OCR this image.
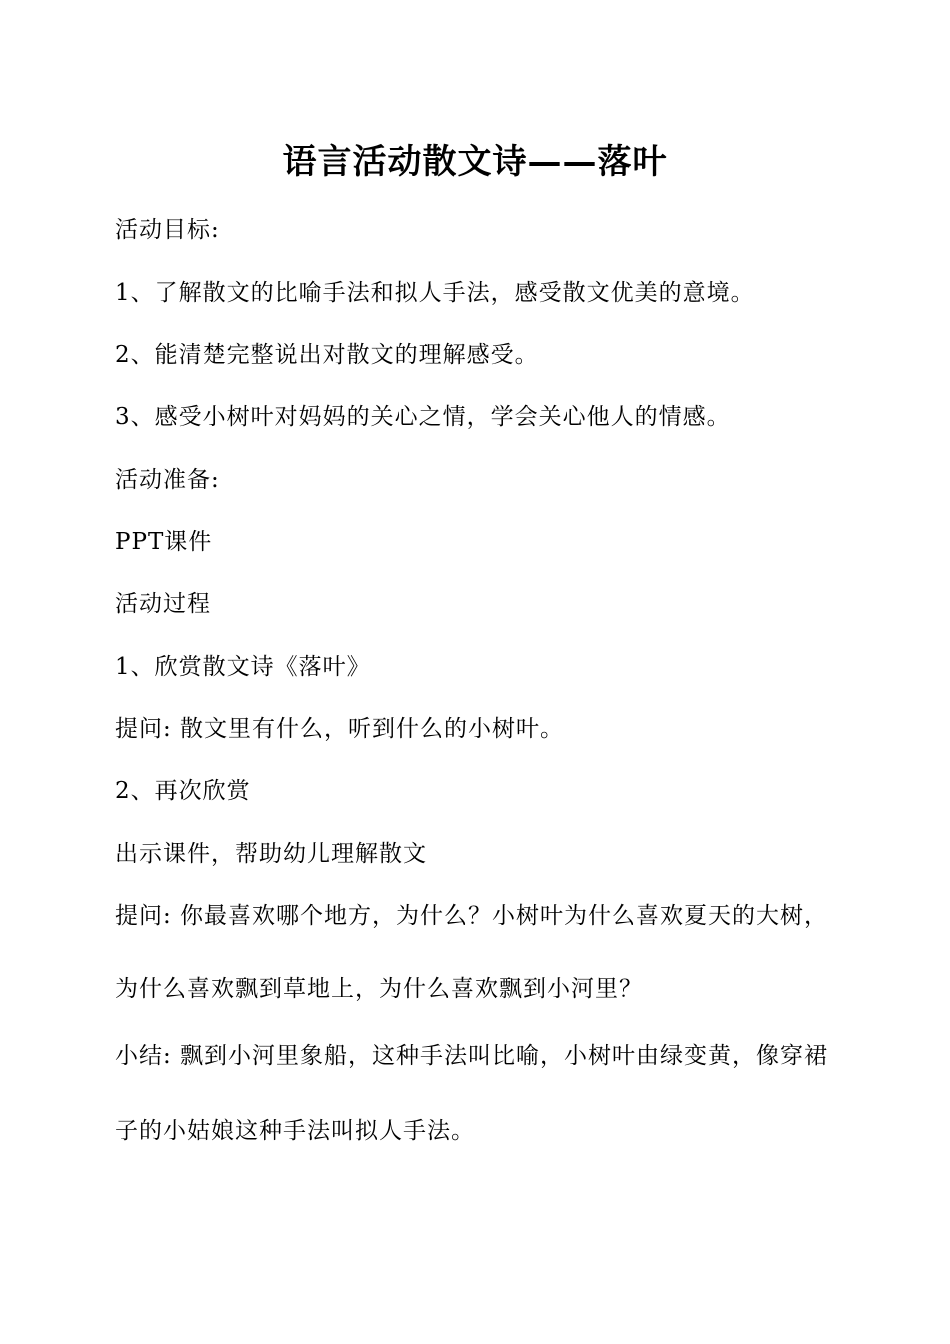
语言活动散文诗——落叶
活动目标:
1、了解散文的比喻手法和拟人手法，感受散文优美的意境。
2、能清楚完整说出对散文的理解感受。
3、感受小树叶对妈妈的关心之情，学会关心他人的情感。
活动准备:
PPT课件
活动过程
1、欣赏散文诗《落叶》
提问: 散文里有什么，听到什么的小树叶。
2、再次欣赏
出示课件，帮助幼儿理解散文
提问: 你最喜欢哪个地方，为什么？小树叶为什么喜欢夏天的大树，
为什么喜欢飘到草地上，为什么喜欢飘到小河里？
小结: 飘到小河里象船，这种手法叫比喻，小树叶由绿变黄，像穿裙
子的小姑娘这种手法叫拟人手法。
